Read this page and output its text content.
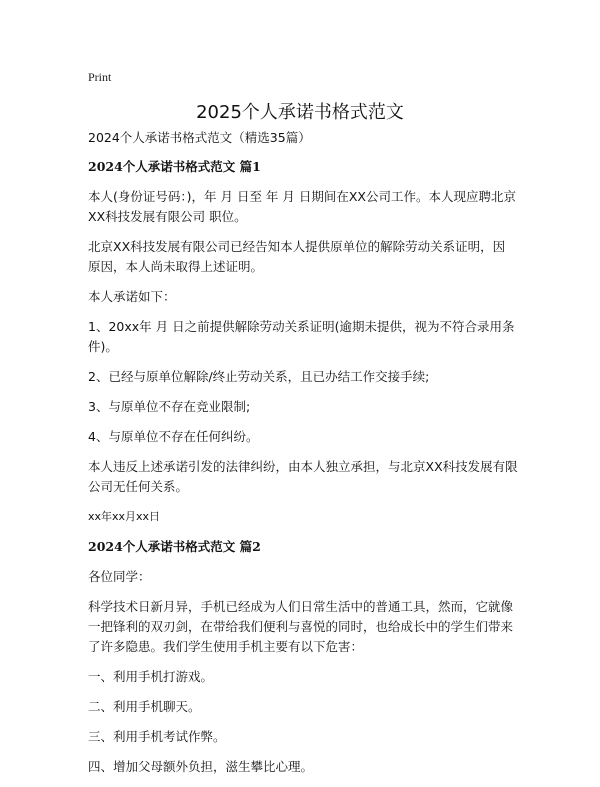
Print
2025个人承诺书格式范文

2024个人承诺书格式范文（精选35篇）

2024个人承诺书格式范文 篇1

本人(身份证号码：)，年 月 日至 年 月 日期间在XX公司工作。本人现应聘北京XX科技发展有限公司 职位。

北京XX科技发展有限公司已经告知本人提供原单位的解除劳动关系证明，因 原因，本人尚未取得上述证明。

本人承诺如下：

1、20xx年 月 日之前提供解除劳动关系证明(逾期未提供，视为不符合录用条件)。

2、已经与原单位解除/终止劳动关系，且已办结工作交接手续;

3、与原单位不存在竞业限制;

4、与原单位不存在任何纠纷。

本人违反上述承诺引发的法律纠纷，由本人独立承担，与北京XX科技发展有限公司无任何关系。

xx年xx月xx日

2024个人承诺书格式范文 篇2

各位同学：

科学技术日新月异，手机已经成为人们日常生活中的普通工具，然而，它就像一把锋利的双刃剑，在带给我们便利与喜悦的同时，也给成长中的学生们带来了许多隐患。我们学生使用手机主要有以下危害：

一、利用手机打游戏。

二、利用手机聊天。

三、利用手机考试作弊。

四、增加父母额外负担，滋生攀比心理。
